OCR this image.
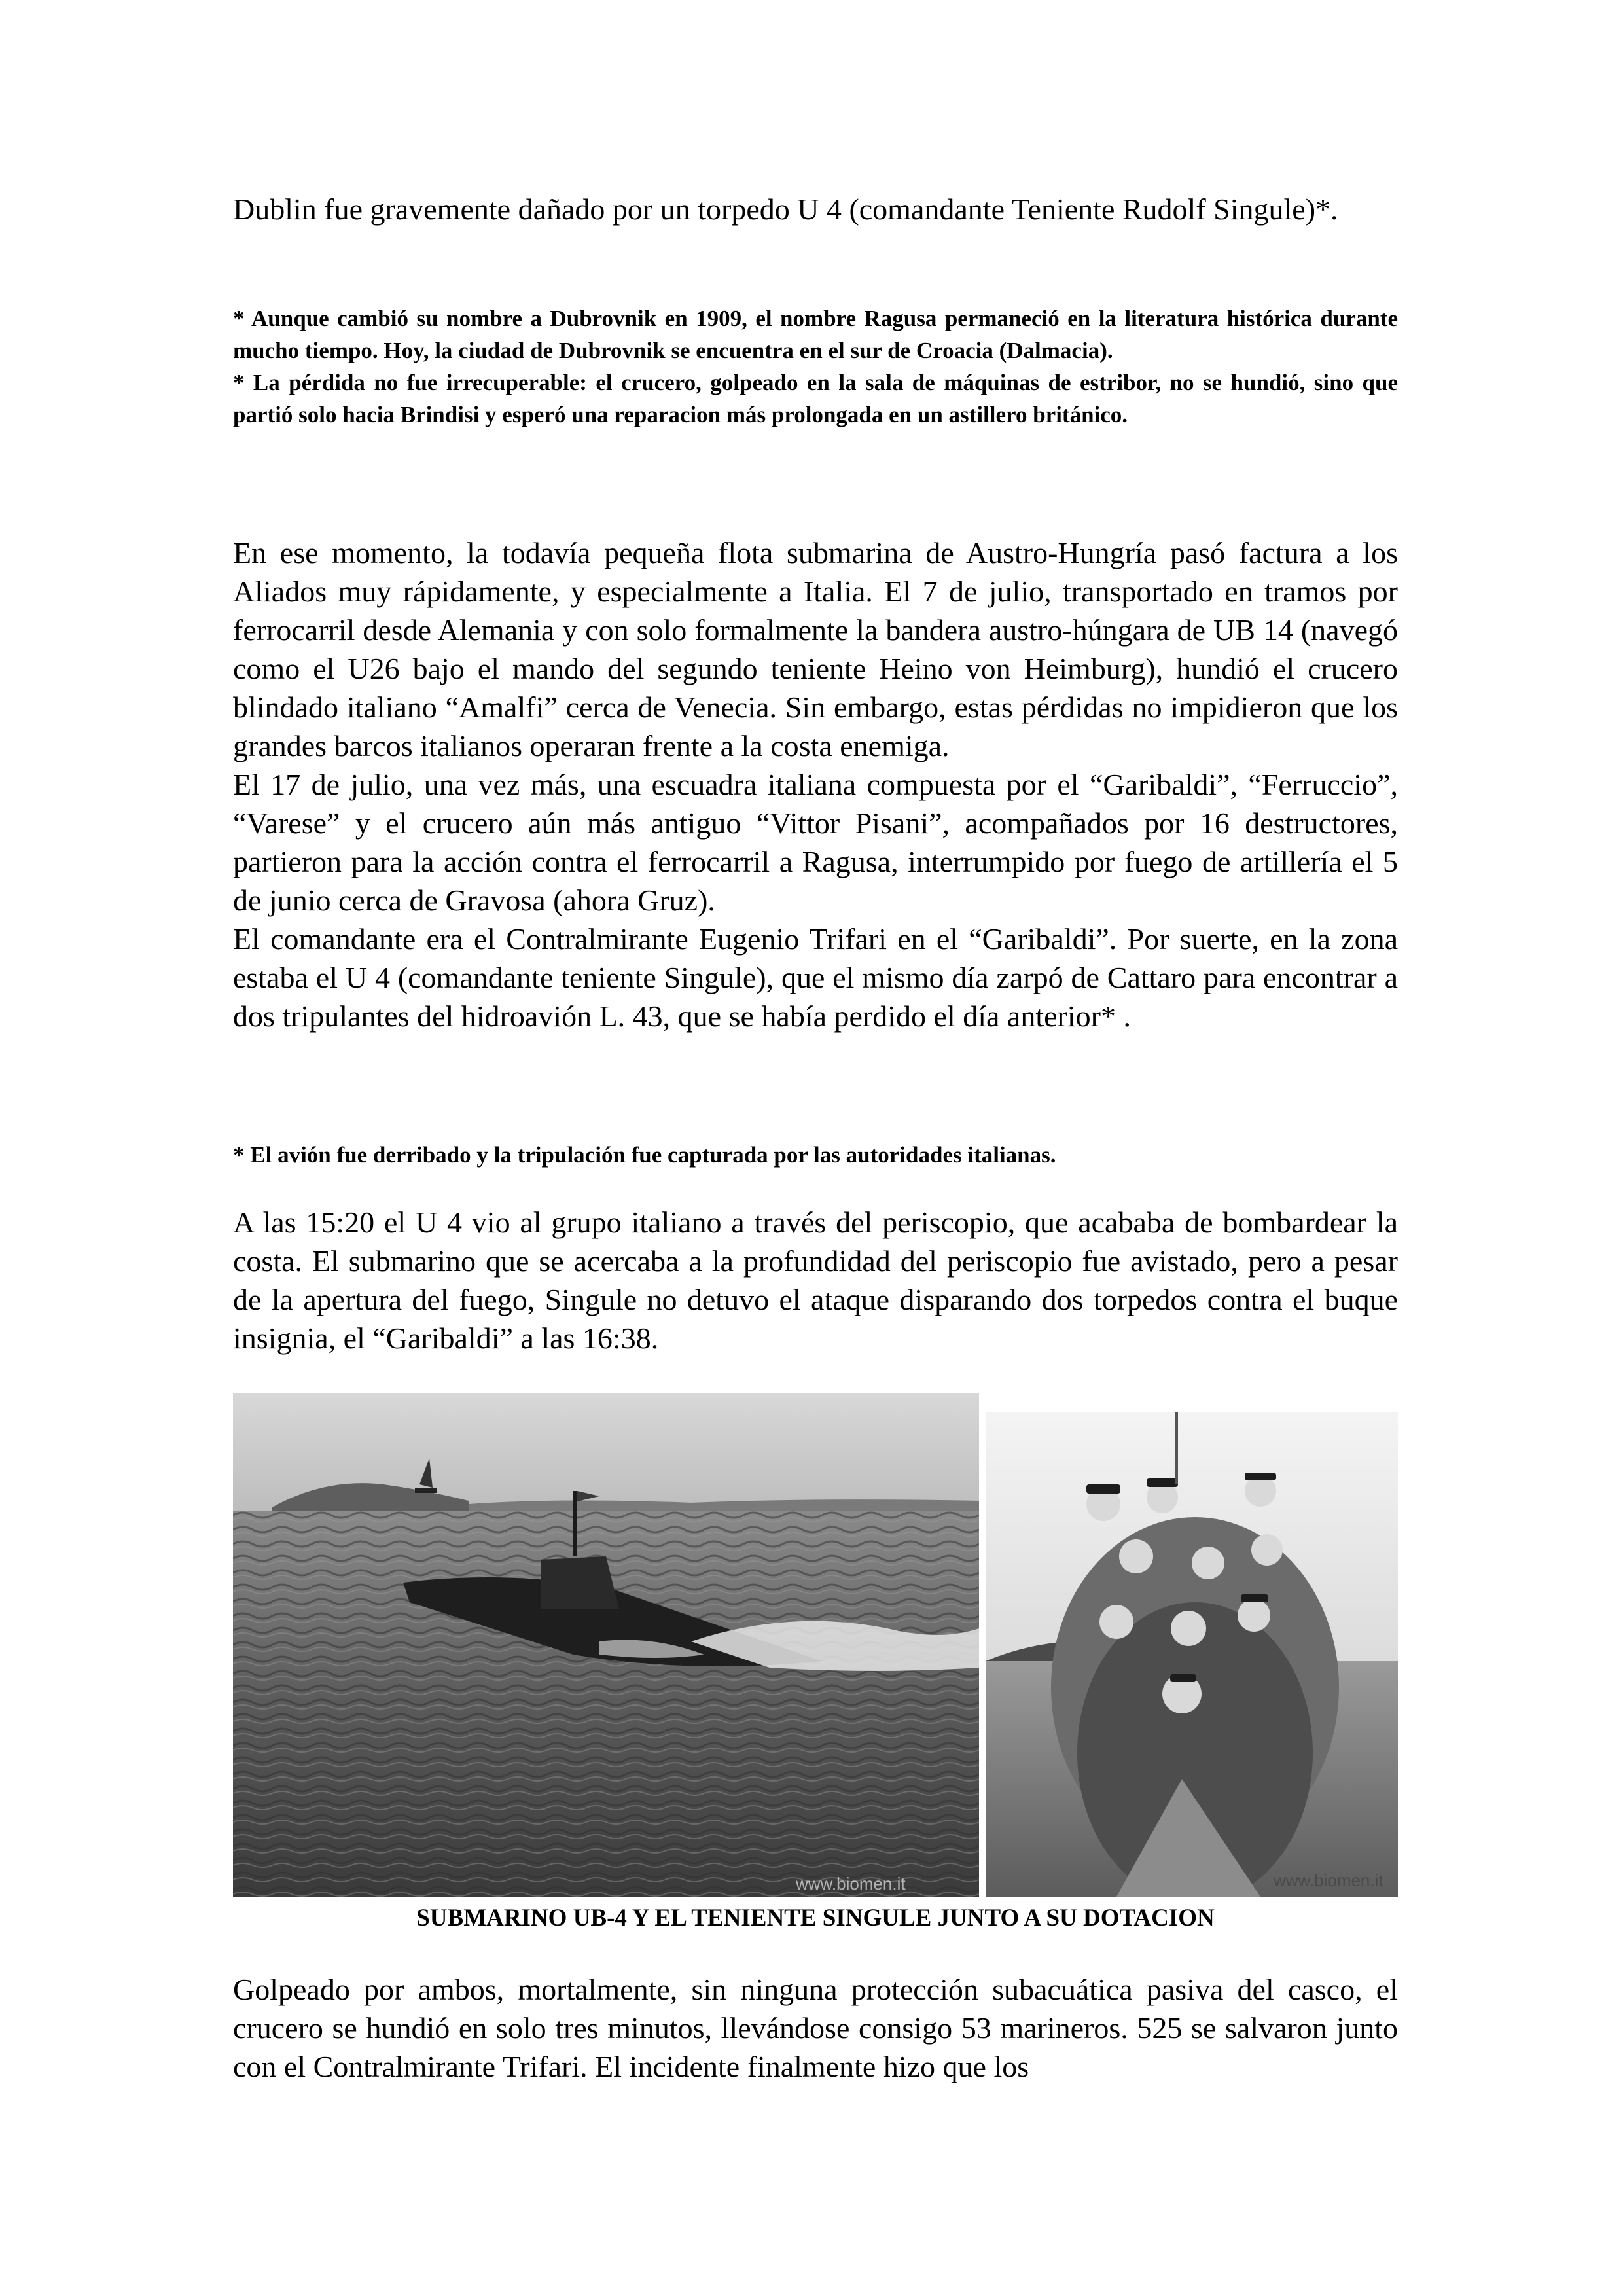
Dublin fue gravemente dañado por un torpedo U 4 (comandante Teniente Rudolf Singule)*.

* Aunque cambió su nombre a Dubrovnik en 1909, el nombre Ragusa permaneció en la literatura histórica durante mucho tiempo. Hoy, la ciudad de Dubrovnik se encuentra en el sur de Croacia (Dalmacia).

* La pérdida no fue irrecuperable: el crucero, golpeado en la sala de máquinas de estribor, no se hundió, sino que partió solo hacia Brindisi y esperó una reparacion más prolongada en un astillero británico.

En ese momento, la todavía pequeña flota submarina de Austro-Hungría pasó factura a los Aliados muy rápidamente, y especialmente a Italia. El 7 de julio, transportado en tramos por ferrocarril desde Alemania y con solo formalmente la bandera austro-húngara de UB 14 (navegó como el U26 bajo el mando del segundo teniente Heino von Heimburg), hundió el crucero blindado italiano “Amalfi” cerca de Venecia. Sin embargo, estas pérdidas no impidieron que los grandes barcos italianos operaran frente a la costa enemiga.

El 17 de julio, una vez más, una escuadra italiana compuesta por el “Garibaldi”, “Ferruccio”, “Varese” y el crucero aún más antiguo “Vittor Pisani”, acompañados por 16 destructores, partieron para la acción contra el ferrocarril a Ragusa, interrumpido por fuego de artillería el 5 de junio cerca de Gravosa (ahora Gruz).

El comandante era el Contralmirante Eugenio Trifari en el “Garibaldi”. Por suerte, en la zona estaba el U 4 (comandante teniente Singule), que el mismo día zarpó de Cattaro para encontrar a dos tripulantes del hidroavión L. 43, que se había perdido el día anterior* .

* El avión fue derribado y la tripulación fue capturada por las autoridades italianas.

A las 15:20 el U 4 vio al grupo italiano a través del periscopio, que acababa de bombardear la costa. El submarino que se acercaba a la profundidad del periscopio fue avistado, pero a pesar de la apertura del fuego, Singule no detuvo el ataque disparando dos torpedos contra el buque insignia, el “Garibaldi” a las 16:38.

www.biomen.it	www.biomen.it
SUBMARINO UB-4 Y EL TENIENTE SINGULE JUNTO A SU DOTACION

Golpeado por ambos, mortalmente, sin ninguna protección subacuática pasiva del casco, el crucero se hundió en solo tres minutos, llevándose consigo 53 marineros. 525 se salvaron junto con el Contralmirante Trifari. El incidente finalmente hizo que los
